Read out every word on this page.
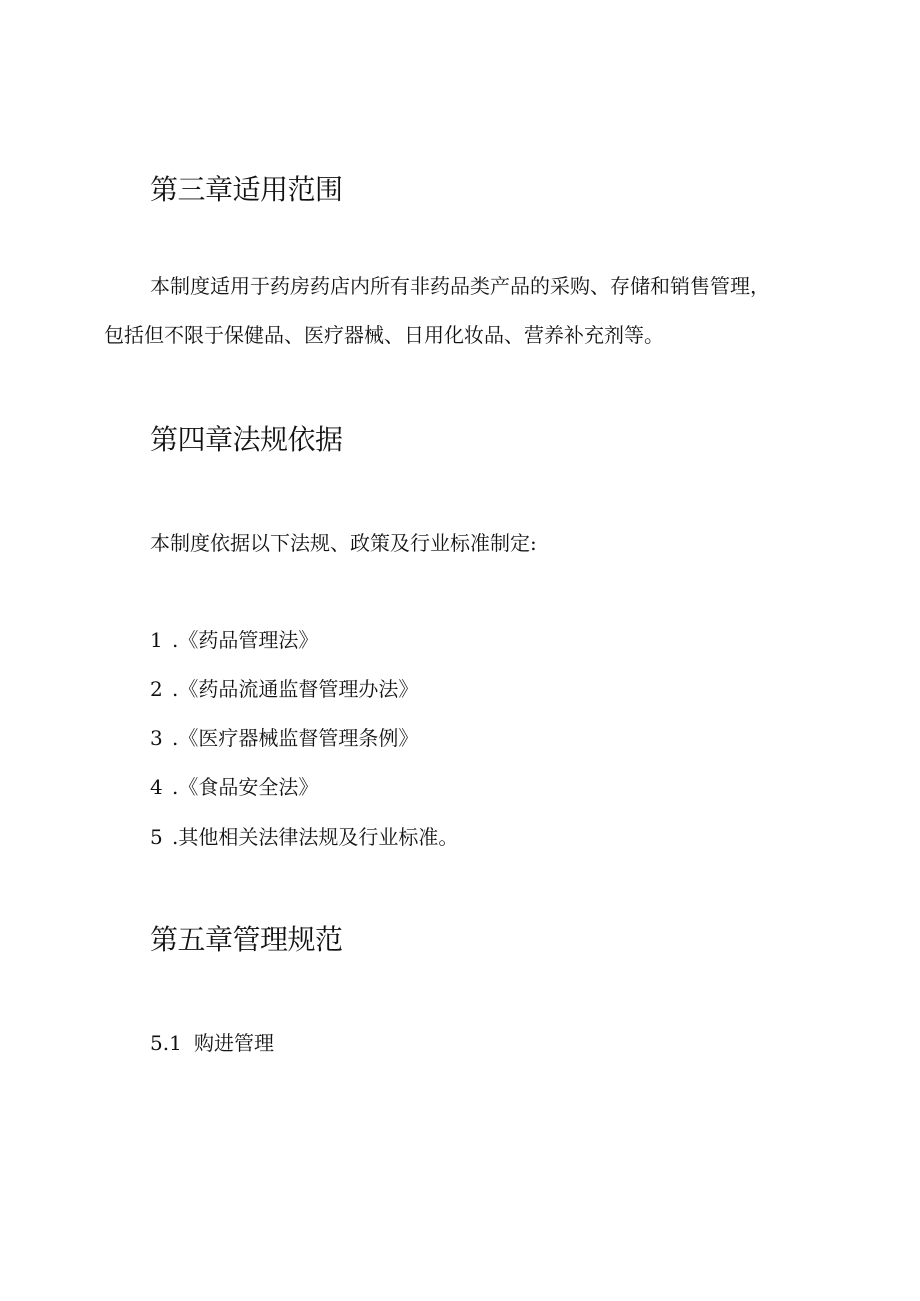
第三章适用范围

本制度适用于药房药店内所有非药品类产品的采购、存储和销售管理，

包括但不限于保健品、医疗器械、日用化妆品、营养补充剂等。

第四章法规依据

本制度依据以下法规、政策及行业标准制定:

1 .《药品管理法》
2 .《药品流通监督管理办法》
3 .《医疗器械监督管理条例》
4 .《食品安全法》
5 .其他相关法律法规及行业标准。
第五章管理规范
5.1 购进管理
